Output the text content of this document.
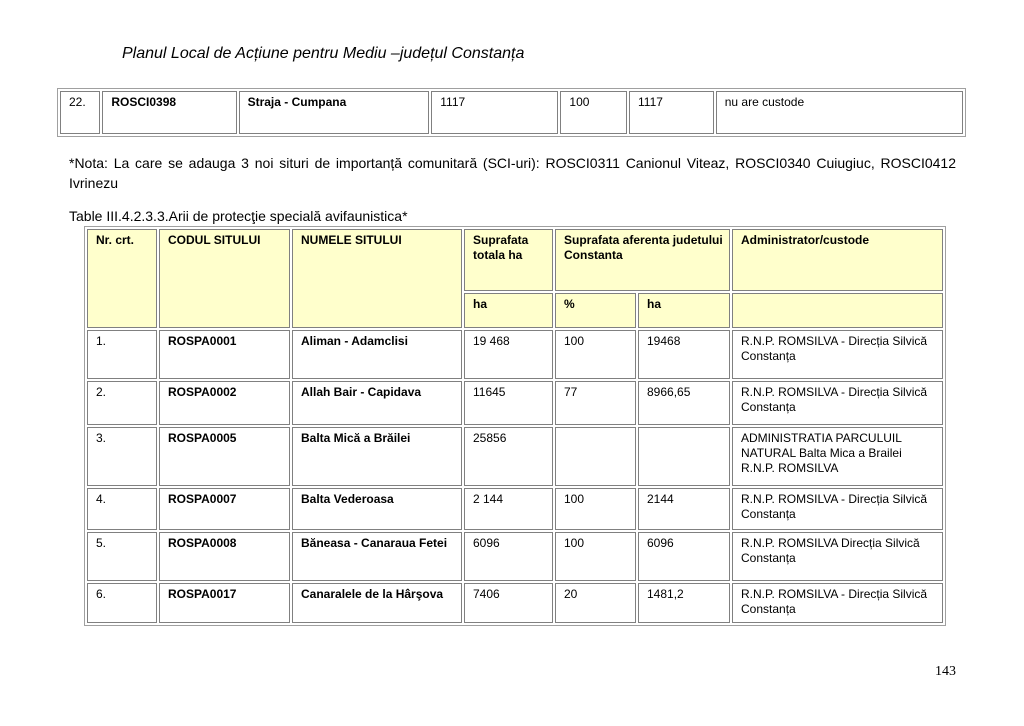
Planul Local de Acțiune pentru Mediu –județul Constanța
22.	ROSCI0398	Straja - Cumpana	1117	100	1117	nu are custode
*Nota: La care se adauga 3 noi situri de importanță comunitară (SCI-uri): ROSCI0311 Canionul Viteaz, ROSCI0340 Cuiugiuc, ROSCI0412 Ivrinezu
Table III.4.2.3.3.Arii de protecţie specială avifaunistica*
Nr. crt.	CODUL SITULUI	NUMELE SITULUI	Suprafata totala ha	Suprafata aferenta judetului Constanta		Administrator/custode
			ha	%	ha	
1.	ROSPA0001	Aliman - Adamclisi	19 468	100	19468	R.N.P. ROMSILVA - Direcția Silvică Constanța
2.	ROSPA0002	Allah Bair - Capidava	11645	77	8966,65	R.N.P. ROMSILVA - Direcția Silvică Constanța
3.	ROSPA0005	Balta Mică a Brăilei	25856			ADMINISTRATIA PARCULUIL NATURAL Balta Mica a Brailei R.N.P. ROMSILVA
4.	ROSPA0007	Balta Vederoasa	2 144	100	2144	R.N.P. ROMSILVA - Direcția Silvică Constanța
5.	ROSPA0008	Băneasa - Canaraua Fetei	6096	100	6096	R.N.P. ROMSILVA Direcția Silvică Constanța
6.	ROSPA0017	Canaralele de la Hârşova	7406	20	1481,2	R.N.P. ROMSILVA - Direcția Silvică Constanța
143
